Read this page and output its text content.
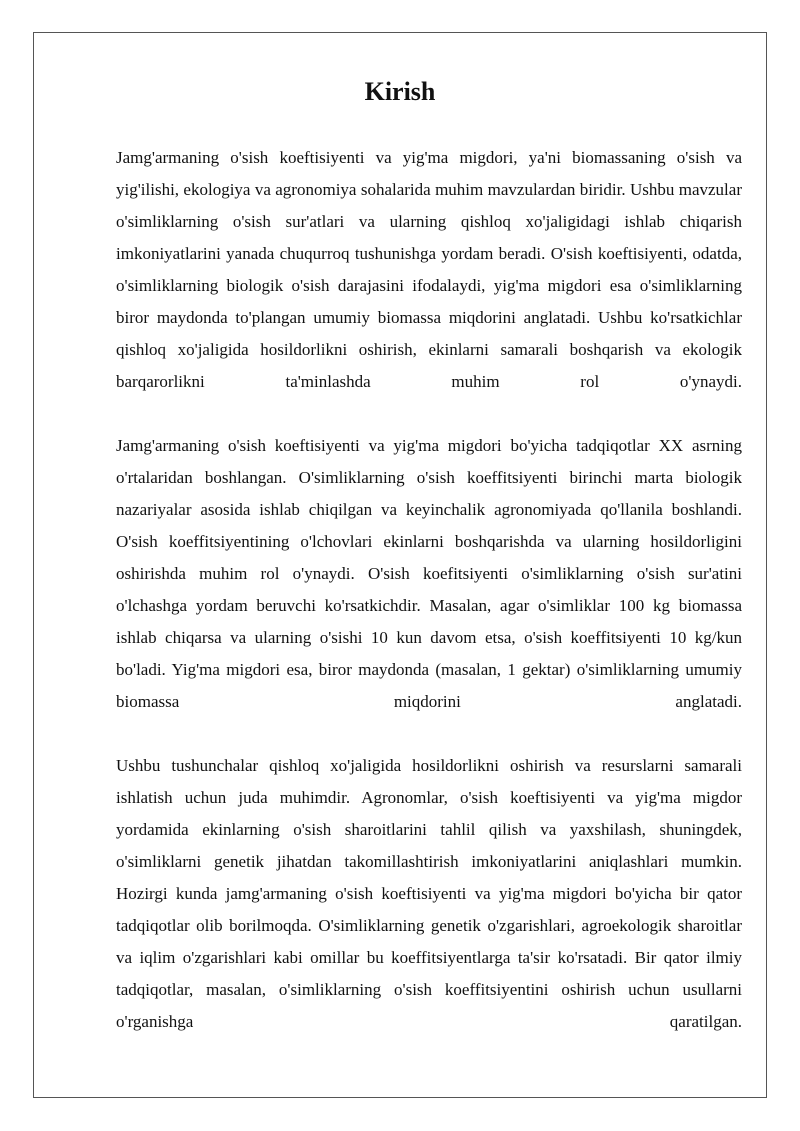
Kirish

Jamg'armaning o'sish koeftisiyenti va yig'ma migdori, ya'ni biomassaning o'sish va yig'ilishi, ekologiya va agronomiya sohalarida muhim mavzulardan biridir. Ushbu mavzular o'simliklarning o'sish sur'atlari va ularning qishloq xo'jaligidagi ishlab chiqarish imkoniyatlarini yanada chuqurroq tushunishga yordam beradi. O'sish koeftisiyenti, odatda, o'simliklarning biologik o'sish darajasini ifodalaydi, yig'ma migdori esa o'simliklarning biror maydonda to'plangan umumiy biomassa miqdorini anglatadi. Ushbu ko'rsatkichlar qishloq xo'jaligida hosildorlikni oshirish, ekinlarni samarali boshqarish va ekologik barqarorlikni ta'minlashda muhim rol o'ynaydi.

Jamg'armaning o'sish koeftisiyenti va yig'ma migdori bo'yicha tadqiqotlar XX asrning o'rtalaridan boshlangan. O'simliklarning o'sish koeffitsiyenti birinchi marta biologik nazariyalar asosida ishlab chiqilgan va keyinchalik agronomiyada qo'llanila boshlandi. O'sish koeffitsiyentining o'lchovlari ekinlarni boshqarishda va ularning hosildorligini oshirishda muhim rol o'ynaydi. O'sish koefitsiyenti o'simliklarning o'sish sur'atini o'lchashga yordam beruvchi ko'rsatkichdir. Masalan, agar o'simliklar 100 kg biomassa ishlab chiqarsa va ularning o'sishi 10 kun davom etsa, o'sish koeffitsiyenti 10 kg/kun bo'ladi. Yig'ma migdori esa, biror maydonda (masalan, 1 gektar) o'simliklarning umumiy biomassa miqdorini anglatadi.

Ushbu tushunchalar qishloq xo'jaligida hosildorlikni oshirish va resurslarni samarali ishlatish uchun juda muhimdir. Agronomlar, o'sish koeftisiyenti va yig'ma migdor yordamida ekinlarning o'sish sharoitlarini tahlil qilish va yaxshilash, shuningdek, o'simliklarni genetik jihatdan takomillashtirish imkoniyatlarini aniqlashlari mumkin. Hozirgi kunda jamg'armaning o'sish koeftisiyenti va yig'ma migdori bo'yicha bir qator tadqiqotlar olib borilmoqda. O'simliklarning genetik o'zgarishlari, agroekologik sharoitlar va iqlim o'zgarishlari kabi omillar bu koeffitsiyentlarga ta'sir ko'rsatadi. Bir qator ilmiy tadqiqotlar, masalan, o'simliklarning o'sish koeffitsiyentini oshirish uchun usullarni o'rganishga qaratilgan.
